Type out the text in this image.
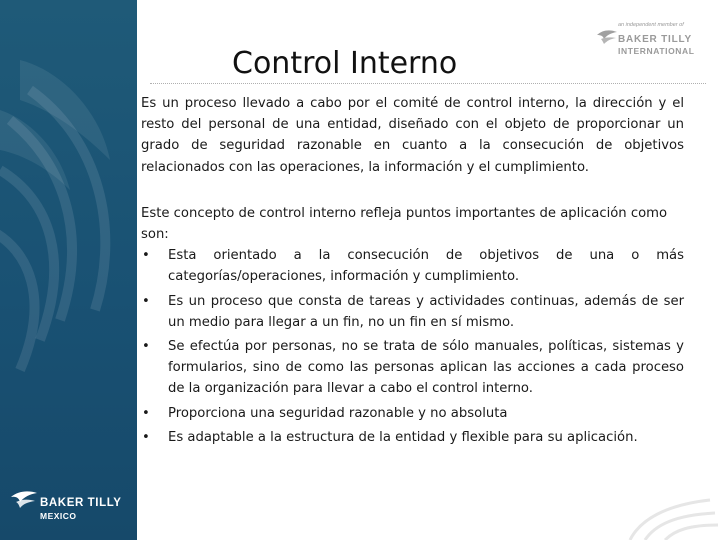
BAKER TILLY
MEXICO
an independent member of
BAKER TILLY
INTERNATIONAL
Control Interno

Es un proceso llevado a cabo por el comité de control interno, la dirección y el resto del personal de una entidad, diseñado con el objeto de proporcionar un grado de seguridad razonable en cuanto a la consecución de objetivos relacionados con las operaciones, la información y el cumplimiento.

Este concepto de control interno refleja puntos importantes de aplicación como son:

• Esta orientado a la consecución de objetivos de una o más categorías/operaciones, información y cumplimiento.
• Es un proceso que consta de tareas y actividades continuas, además de ser un medio para llegar a un fin, no un fin en sí mismo.
• Se efectúa por personas, no se trata de sólo manuales, políticas, sistemas y formularios, sino de como las personas aplican las acciones a cada proceso de la organización para llevar a cabo el control interno.
• Proporciona una seguridad razonable y no absoluta
• Es adaptable a la estructura de la entidad y flexible para su aplicación.
